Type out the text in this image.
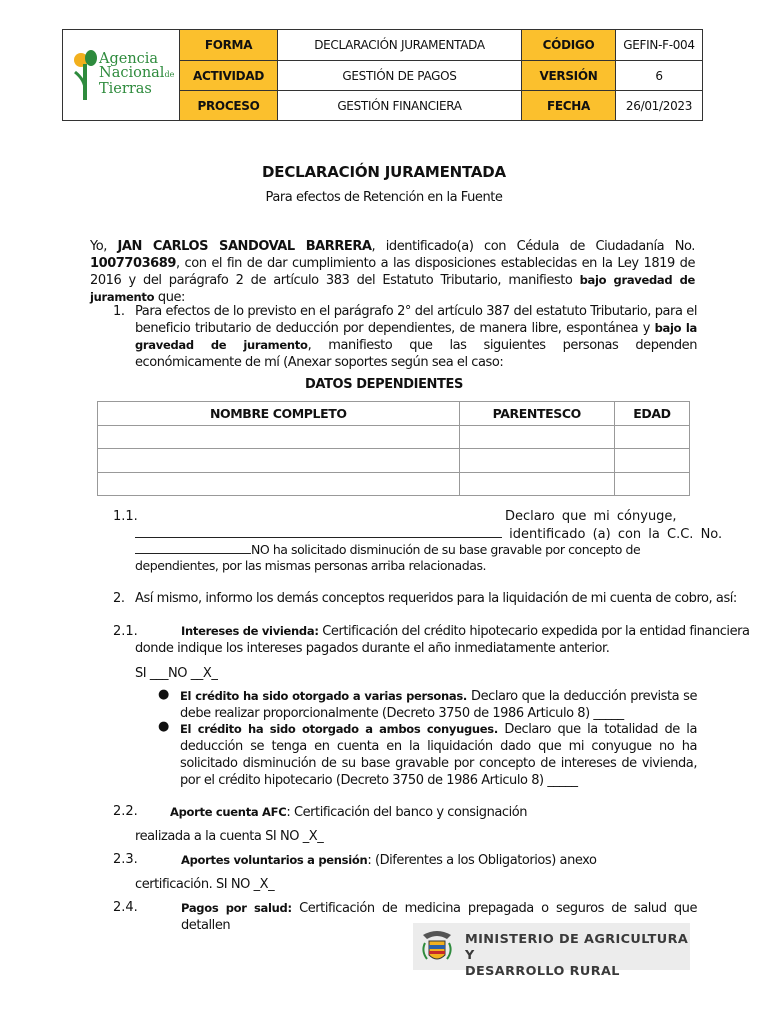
Agencia
Nacionalde
Tierras
FORMA	DECLARACIÓN JURAMENTADA	CÓDIGO	GEFIN-F-004
ACTIVIDAD	GESTIÓN DE PAGOS	VERSIÓN	6
PROCESO	GESTIÓN FINANCIERA	FECHA	26/01/2023
DECLARACIÓN JURAMENTADA
Para efectos de Retención en la Fuente
Yo, JAN CARLOS SANDOVAL BARRERA, identificado(a) con Cédula de Ciudadanía No. 1007703689, con el fin de dar cumplimiento a las disposiciones establecidas en la Ley 1819 de 2016 y del parágrafo 2 de artículo 383 del Estatuto Tributario, manifiesto bajo gravedad de juramento que:
1. Para efectos de lo previsto en el parágrafo 2° del artículo 387 del estatuto Tributario, para el beneficio tributario de deducción por dependientes, de manera libre, espontánea y bajo la gravedad de juramento, manifiesto que las siguientes personas dependen económicamente de mí (Anexar soportes según sea el caso:
DATOS DEPENDIENTES
NOMBRE COMPLETO	PARENTESCO	EDAD

1.1.	Declaro que mi cónyuge,
identificado (a) con la C.C. No.
NO ha solicitado disminución de su base gravable por concepto de
dependientes, por las mismas personas arriba relacionadas.
2. Así mismo, informo los demás conceptos requeridos para la liquidación de mi cuenta de cobro, así:
2.1.	Intereses de vivienda: Certificación del crédito hipotecario expedida por la entidad financiera
donde indique los intereses pagados durante el año inmediatamente anterior.
SI ___NO __X_
● El crédito ha sido otorgado a varias personas. Declaro que la deducción prevista se debe realizar proporcionalmente (Decreto 3750 de 1986 Articulo 8) _____
● El crédito ha sido otorgado a ambos conyugues. Declaro que la totalidad de la deducción se tenga en cuenta en la liquidación dado que mi conyugue no ha solicitado disminución de su base gravable por concepto de intereses de vivienda, por el crédito hipotecario (Decreto 3750 de 1986 Articulo 8) _____
2.2.	Aporte cuenta AFC: Certificación del banco y consignación
realizada a la cuenta SI NO _X_
2.3.	Aportes voluntarios a pensión: (Diferentes a los Obligatorios) anexo
certificación. SI NO _X_
2.4.	Pagos por salud: Certificación de medicina prepagada o seguros de salud que detallen
MINISTERIO DE AGRICULTURA Y
DESARROLLO RURAL
